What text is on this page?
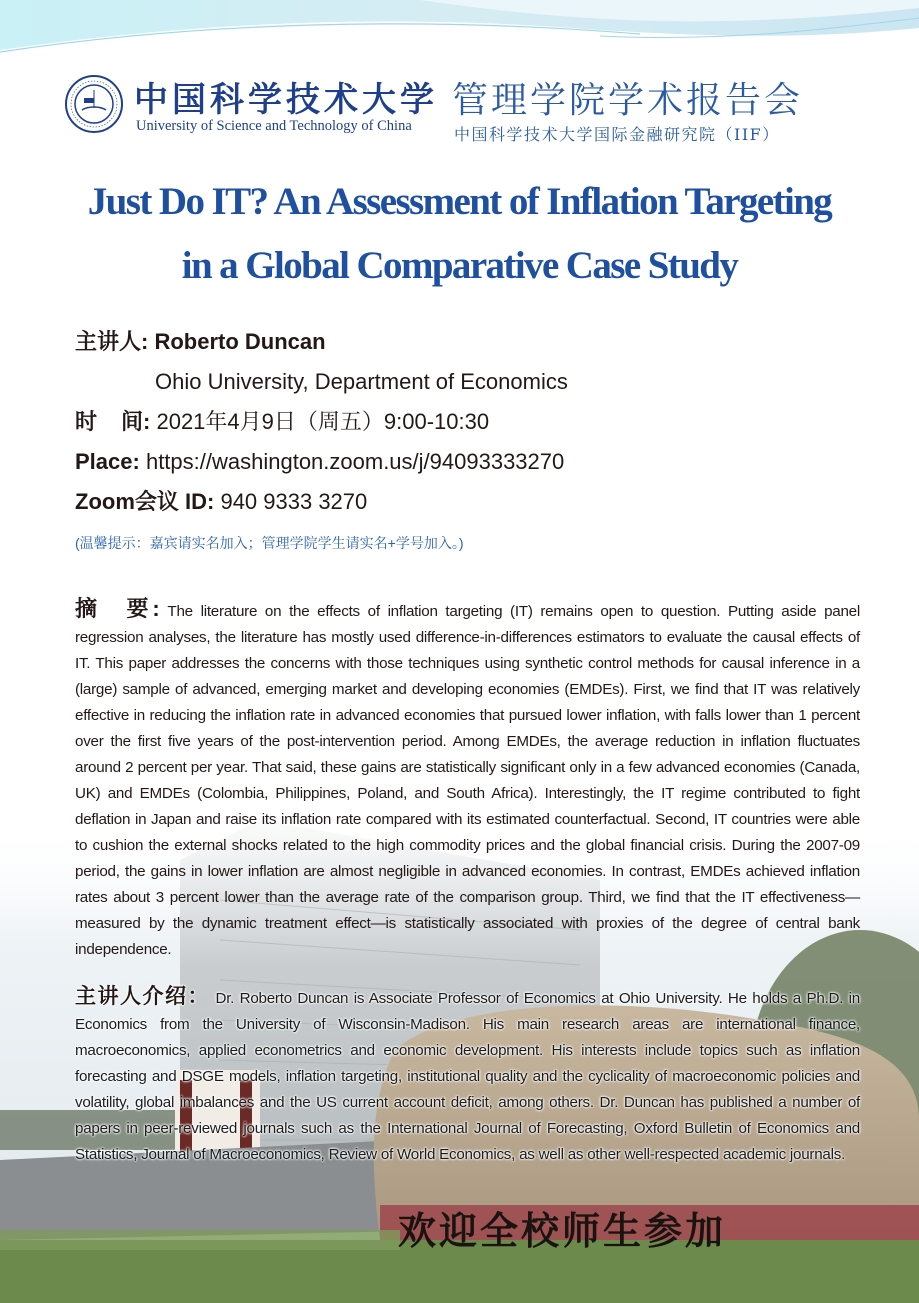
中国科学技术大学
University of Science and Technology of China
管理学院学术报告会
中国科学技术大学国际金融研究院（IIF）
Just Do IT? An Assessment of Inflation Targeting
in a Global Comparative Case Study
主讲人: Roberto Duncan
Ohio University, Department of Economics
时 间: 2021年4月9日（周五）9:00-10:30
Place: https://washington.zoom.us/j/94093333270
Zoom会议 ID: 940 9333 3270
(温馨提示：嘉宾请实名加入；管理学院学生请实名+学号加入。)
摘　要: The literature on the effects of inflation targeting (IT) remains open to question. Putting aside panel regression analyses, the literature has mostly used difference-in-differences estimators to evaluate the causal effects of IT. This paper addresses the concerns with those techniques using synthetic control methods for causal inference in a (large) sample of advanced, emerging market and developing economies (EMDEs). First, we find that IT was relatively effective in reducing the inflation rate in advanced economies that pursued lower inflation, with falls lower than 1 percent over the first five years of the post-intervention period. Among EMDEs, the average reduction in inflation fluctuates around 2 percent per year. That said, these gains are statistically significant only in a few advanced economies (Canada, UK) and EMDEs (Colombia, Philippines, Poland, and South Africa). Interestingly, the IT regime contributed to fight deflation in Japan and raise its inflation rate compared with its estimated counterfactual. Second, IT countries were able to cushion the external shocks related to the high commodity prices and the global financial crisis. During the 2007-09 period, the gains in lower inflation are almost negligible in advanced economies. In contrast, EMDEs achieved inflation rates about 3 percent lower than the average rate of the comparison group. Third, we find that the IT effectiveness—measured by the dynamic treatment effect—is statistically associated with proxies of the degree of central bank independence.
主讲人介绍： Dr. Roberto Duncan is Associate Professor of Economics at Ohio University. He holds a Ph.D. in Economics from the University of Wisconsin-Madison. His main research areas are international finance, macroeconomics, applied econometrics and economic development. His interests include topics such as inflation forecasting and DSGE models, inflation targeting, institutional quality and the cyclicality of macroeconomic policies and volatility, global imbalances and the US current account deficit, among others. Dr. Duncan has published a number of papers in peer-reviewed journals such as the International Journal of Forecasting, Oxford Bulletin of Economics and Statistics, Journal of Macroeconomics, Review of World Economics, as well as other well-respected academic journals.
欢迎全校师生参加
